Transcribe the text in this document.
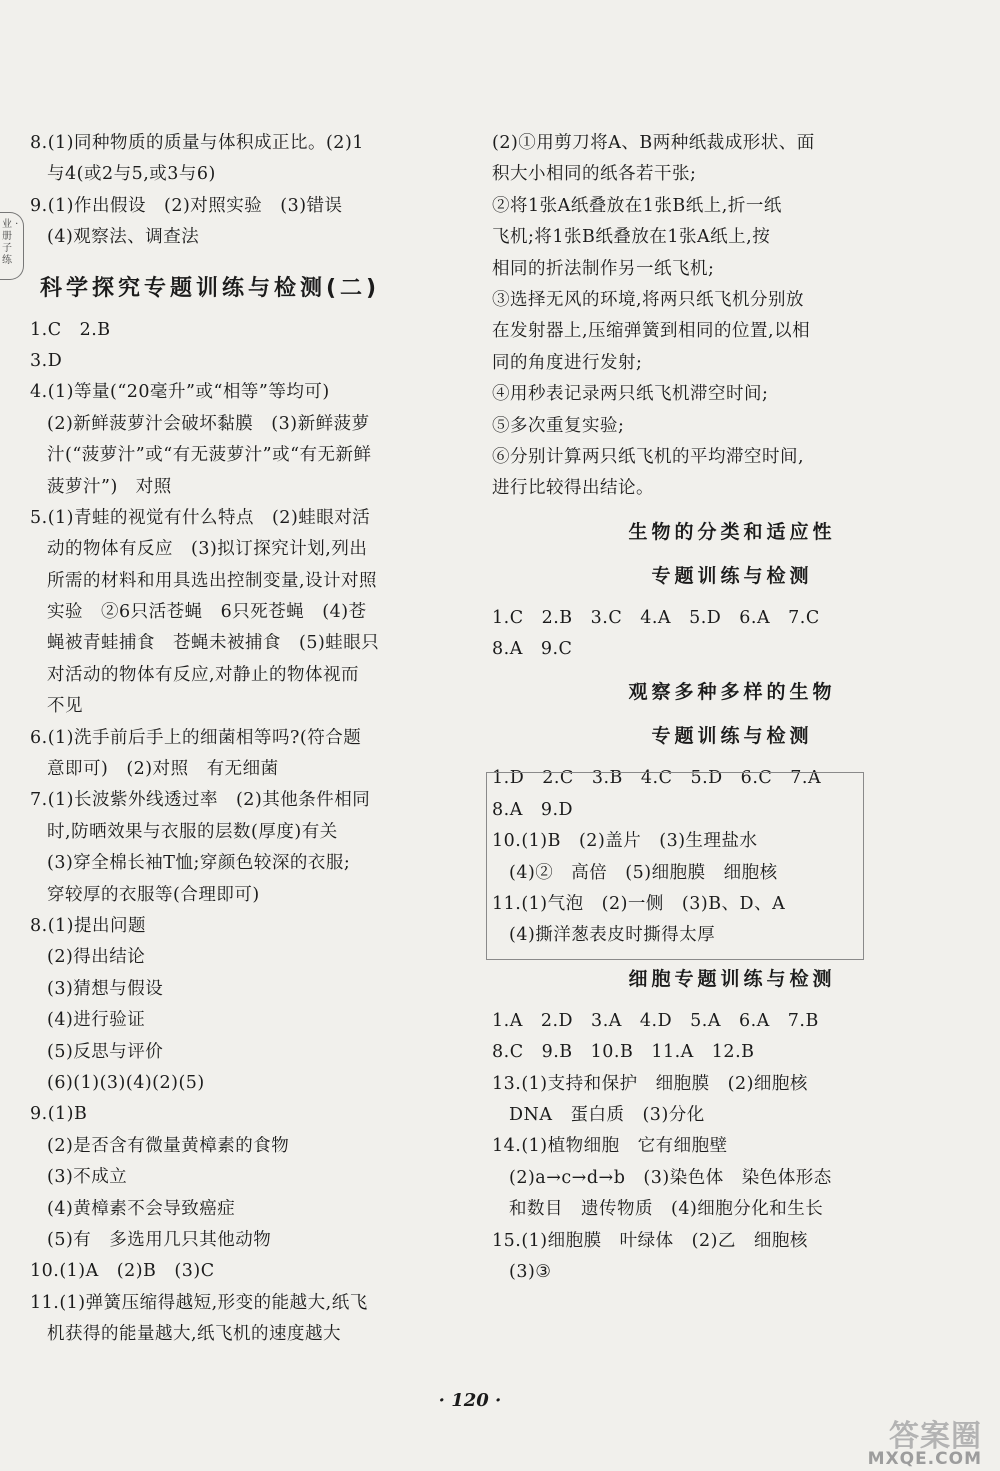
业 ·册子 练
8.(1)同种物质的质量与体积成正比。(2)1
与4(或2与5,或3与6)
9.(1)作出假设　(2)对照实验　(3)错误
(4)观察法、调查法
科学探究专题训练与检测(二)
1.C　2.B
3.D
4.(1)等量(“20毫升”或“相等”等均可)
(2)新鲜菠萝汁会破坏黏膜　(3)新鲜菠萝
汁(“菠萝汁”或“有无菠萝汁”或“有无新鲜
菠萝汁”)　对照
5.(1)青蛙的视觉有什么特点　(2)蛙眼对活
动的物体有反应　(3)拟订探究计划,列出
所需的材料和用具选出控制变量,设计对照
实验　②6只活苍蝇　6只死苍蝇　(4)苍
蝇被青蛙捕食　苍蝇未被捕食　(5)蛙眼只
对活动的物体有反应,对静止的物体视而
不见
6.(1)洗手前后手上的细菌相等吗?(符合题
意即可)　(2)对照　有无细菌
7.(1)长波紫外线透过率　(2)其他条件相同
时,防晒效果与衣服的层数(厚度)有关
(3)穿全棉长袖T恤;穿颜色较深的衣服;
穿较厚的衣服等(合理即可)
8.(1)提出问题
(2)得出结论
(3)猜想与假设
(4)进行验证
(5)反思与评价
(6)(1)(3)(4)(2)(5)
9.(1)B
(2)是否含有微量黄樟素的食物
(3)不成立
(4)黄樟素不会导致癌症
(5)有　多选用几只其他动物
10.(1)A　(2)B　(3)C
11.(1)弹簧压缩得越短,形变的能越大,纸飞
机获得的能量越大,纸飞机的速度越大
(2)①用剪刀将A、B两种纸裁成形状、面
积大小相同的纸各若干张;
②将1张A纸叠放在1张B纸上,折一纸
飞机;将1张B纸叠放在1张A纸上,按
相同的折法制作另一纸飞机;
③选择无风的环境,将两只纸飞机分别放
在发射器上,压缩弹簧到相同的位置,以相
同的角度进行发射;
④用秒表记录两只纸飞机滞空时间;
⑤多次重复实验;
⑥分别计算两只纸飞机的平均滞空时间,
进行比较得出结论。
生物的分类和适应性
专题训练与检测
1.C　2.B　3.C　4.A　5.D　6.A　7.C
8.A　9.C
观察多种多样的生物
专题训练与检测
1.D　2.C　3.B　4.C　5.D　6.C　7.A
8.A　9.D
10.(1)B　(2)盖片　(3)生理盐水
(4)②　高倍　(5)细胞膜　细胞核
11.(1)气泡　(2)一侧　(3)B、D、A
(4)撕洋葱表皮时撕得太厚
细胞专题训练与检测
1.A　2.D　3.A　4.D　5.A　6.A　7.B
8.C　9.B　10.B　11.A　12.B
13.(1)支持和保护　细胞膜　(2)细胞核
DNA　蛋白质　(3)分化
14.(1)植物细胞　它有细胞壁
(2)a→c→d→b　(3)染色体　染色体形态
和数目　遗传物质　(4)细胞分化和生长
15.(1)细胞膜　叶绿体　(2)乙　细胞核
(3)③
· 120 ·
答案圈
MXQE.COM
